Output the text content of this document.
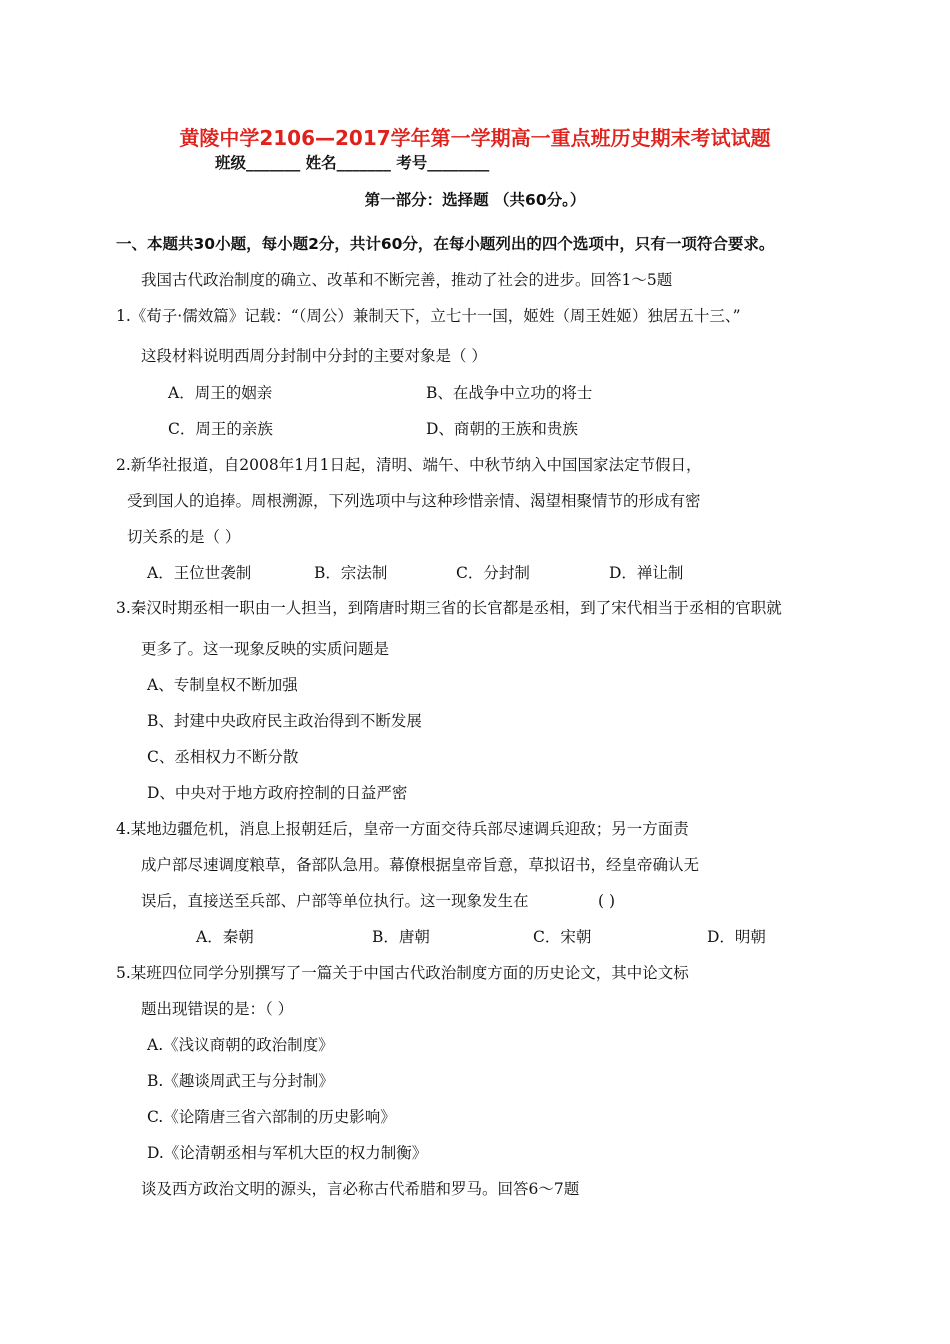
黄陵中学2106—2017学年第一学期高一重点班历史期末考试试题
班级_______ 姓名_______ 考号________
第一部分：选择题 （共60分。）
一、本题共30小题，每小题2分，共计60分，在每小题列出的四个选项中，只有一项符合要求。
我国古代政治制度的确立、改革和不断完善，推动了社会的进步。回答1～5题
1.《荀子·儒效篇》记载：“（周公）兼制天下，立七十一国，姬姓（周王姓姬）独居五十三、”
这段材料说明西周分封制中分封的主要对象是（ ）
A．周王的姻亲	B、在战争中立功的将士
C．周王的亲族	D、商朝的王族和贵族
2.新华社报道，自2008年1月1日起，清明、端午、中秋节纳入中国国家法定节假日，
受到国人的追捧。周根溯源，下列选项中与这种珍惜亲情、渴望相聚情节的形成有密
切关系的是（ ）
A．王位世袭制	B．宗法制	C．分封制	D．禅让制
3.秦汉时期丞相一职由一人担当，到隋唐时期三省的长官都是丞相，到了宋代相当于丞相的官职就
更多了。这一现象反映的实质问题是
A、专制皇权不断加强
B、封建中央政府民主政治得到不断发展
C、丞相权力不断分散
D、中央对于地方政府控制的日益严密
4.某地边疆危机，消息上报朝廷后，皇帝一方面交待兵部尽速调兵迎敌；另一方面责
成户部尽速调度粮草，备部队急用。幕僚根据皇帝旨意，草拟诏书，经皇帝确认无
误后，直接送至兵部、户部等单位执行。这一现象发生在	( )
A．秦朝	B．唐朝	C．宋朝	D．明朝
5.某班四位同学分别撰写了一篇关于中国古代政治制度方面的历史论文，其中论文标
题出现错误的是：（ ）
A.《浅议商朝的政治制度》
B.《趣谈周武王与分封制》
C.《论隋唐三省六部制的历史影响》
D.《论清朝丞相与军机大臣的权力制衡》
谈及西方政治文明的源头，言必称古代希腊和罗马。回答6～7题
